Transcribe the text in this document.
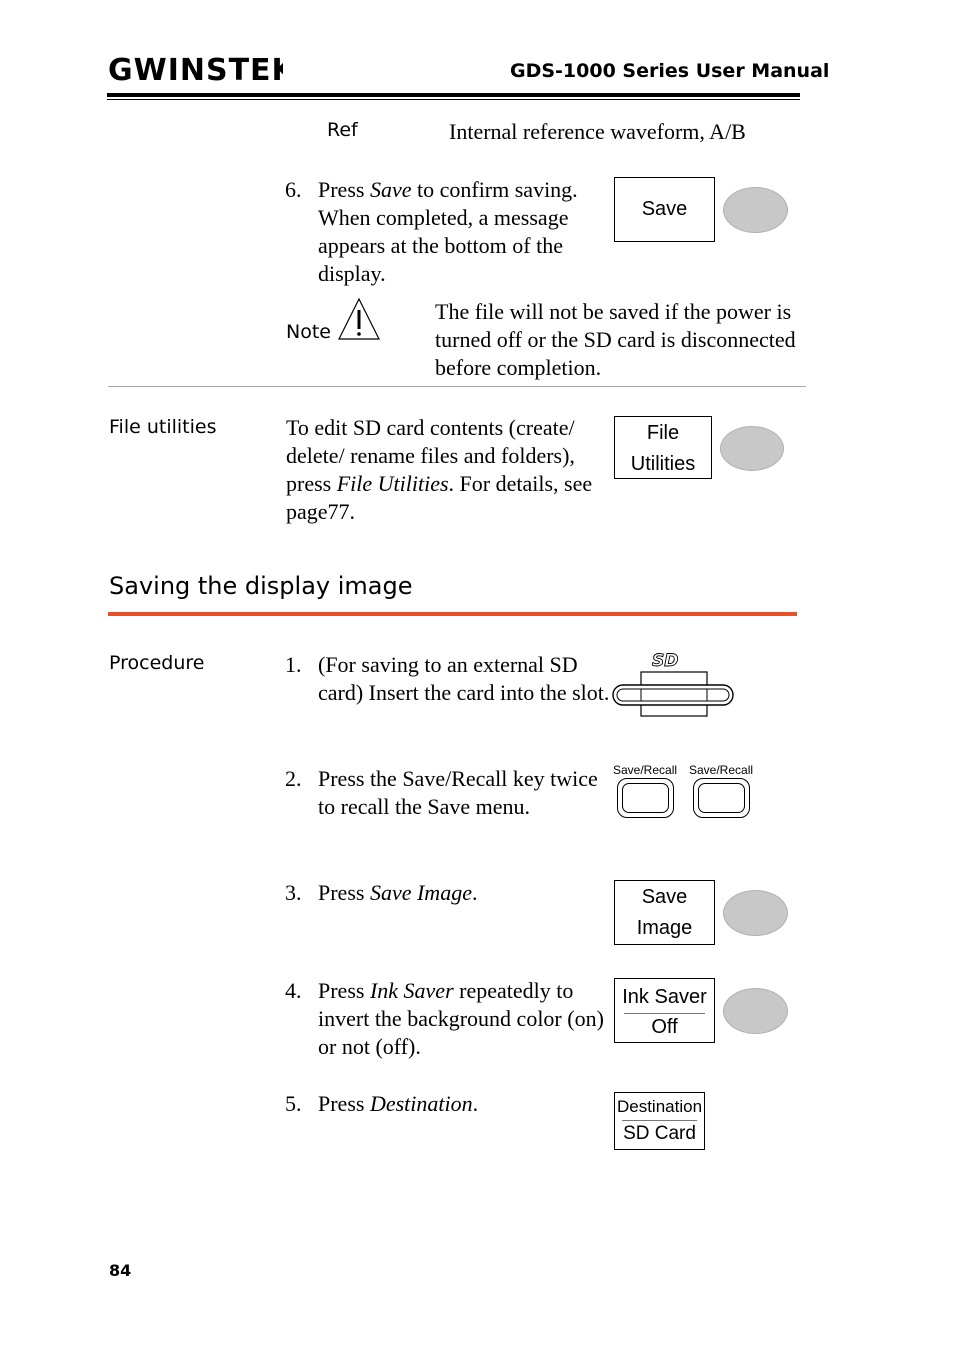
GWINSTEK	GDS-1000 Series User Manual
Ref	Internal reference waveform, A/B
6. Press Save to confirm saving. When completed, a message appears at the bottom of the display.
Save
Note
The file will not be saved if the power is turned off or the SD card is disconnected before completion.
File utilities	To edit SD card contents (create/ delete/ rename files and folders), press File Utilities. For details, see page77.
File
Utilities
Saving the display image
Procedure	1. (For saving to an external SD card) Insert the card into the slot.
SD
2. Press the Save/Recall key twice to recall the Save menu.
Save/Recall Save/Recall
3. Press Save Image.	Save
Image
4. Press Ink Saver repeatedly to invert the background color (on) or not (off).
Ink Saver
Off
5. Press Destination.	Destination
SD Card
84
